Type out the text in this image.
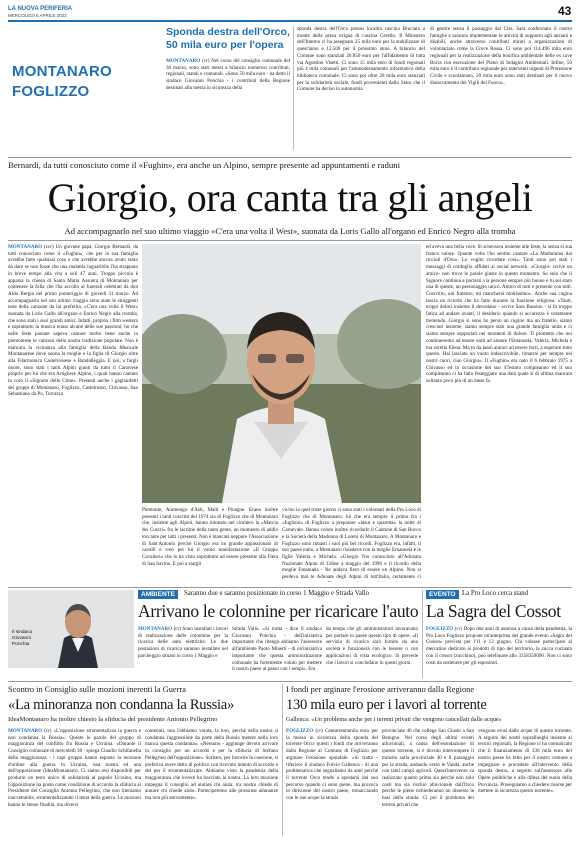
LA NUOVA PERIFERIA
MERCOLEDÌ 6 APRILE 2022	43
MONTANARO
FOGLIZZO
Sponda destra dell'Orco, 50 mila euro per l'opera
MONTANARO (cr) Nel corso del consiglio comunale del 30 marzo, sono stati messi a bilancio numerosi contributi, regionali, statali e comunali. «Sono 50 mila euro - ha detto il sindaco Giovanni Ponchia - i contributi della Regione destinati alla messa in sicurezza della
sponda destra dell'Orco presso località cascina Bruciata a monte della presa irrigua di cascina Cerello. Il Ministero dell'Interno ci ha assegnato 25 mila euro per la stabilizzare di quest'anno e 12.500 per il prossimo anno. A bilancio del Comune sono stanziati 26.850 euro per l'affidamento di tutta via Agostino Visetti. Ci sono 15 mila euro di fondi regionali più 4 mila comunali per l'ammodernamento informatico della biblioteca comunale. Ci sono poi oltre 20 mila euro stanziati per la solidarietà sociale, fondi provenienti dallo Stato che il Comune ha deciso in autonomia
di gestire senza il passaggio dal Ciss. Sarà confermato il centro famiglie e saranno implementate le attività di supporto agli anziani e disabili, anche attraverso contributi mirati a organizzazioni di volontariato come la Croce Rossa. Ci sono poi 114.496 mila euro regionali per la realizzazione della bonifica ambientale delle ex cave Borra con esecuzione del Piano di Indagini Ambientali. Infine, 50 mila euro è il contributo regionale per interventi urgenti di Protezione Civile e scuolamano, 20 mila euro sono stati destinati per il nuovo distaccamento dei Vigili del Fuoco».
Bernardi, da tutti conosciuto come il «Fughin», era anche un Alpino, sempre presente ad appuntamenti e raduni
Giorgio, ora canta tra gli angeli
Ad accompagnarlo nel suo ultimo viaggio «C'era una volta il West», suonata da Loris Gallo all'organo ed Enrico Negro alla tromba
MONTANARO (ccr) Un giovane papà, Giorgio Bernardi, da tutti conosciuto come il «Fughin», che per la sua famiglia avrebbe fatto qualsiasi cosa e che avrebbe ancora avuto tanto da dare se non fosse che una malattia inguaribile l'ha strappato in breve tempo alla vita a soli 47 anni. Troppo piccola è apparsa la chiesa di Santa Maria Assunta di Montanaro per contenere la folla che l'ha accolto ai funerali celebrati da don Aldo Bergia nel primo pomeriggio di giovedì 31 marzo. Ad accompagnarlo nel suo ultimo viaggio sono state le struggenti note della canzone da lui preferita, «C'era una volta il West» suonata da Loris Gallo all'organo e Enrico Negro alla tromba, che sono stati i suoi grandi amici. Infatti, proprio i film western e soprattutto la musica erano alcune delle sue passioni, ho che nelle feste passate sapeva cantare molto bene anche in piemontese le canzoni della nostra tradizione popolare. Non è mancata la vicinanza alla famiglia della Banda Musicale Montanarese dove suona la moglie e la figlia di Giorgio oltre alla Filarmonica Castelrossese e Bandalleggia. E poi, a fargli onore, sono stati i tanti Alpini giunti da tutto il Canavese proprio per lui che era Artigliere Alpino, i quali hanno cantato in coro il «Signore delle Cime». Presenti anche i gagliardetti dei gruppi di Montanaro, Foglizzo, Castelrosso, Chivasso, San Sebastiano da Po, Torrazza
Piemonte, Aramengo d'Asti, Malti e Pinagne. Erano inoltre presenti i tanti coscritti del 1974 sia di Foglizzo che di Montanaro che, insieme agli Alpini, hanno intonato nel cimitero la «Marcia dei Cuscri» fra le lacrime della tanta gente, un momento di addio toccante per tutti i presenti. Non è mancata neppure l'Associazione di Sant'Antonio perché Giorgio era un grande appassionato di cavalli e creò per lui il vuoto manifestazione «Il Gruppo Cavalieri» che lo ha visto soprattutto ad essere presente alla Fiera di San Savino. E poi a stargli
ed aveva una bella voce. Si scherzava insieme alle feste, la senza sì sua franco valore. Quante volte l'ho sentito cantare «La Madonnina dai riccioli d'Oro». Lo voglio ricordare così». Tanti sono poi stati i messaggi di cordoglio affidati ai social network. «Giorgio- scrive un amico- non trovo le parole giuste in questo momento. So solo che il Signore continua a portarsi via persone sempre più buone e tu sei stato una di queste, un personaggio unico. Amico di tutti e presente con tutti. Coscritto, uni fraterno, mi mancherai moltissimo». Anche sua cugina lascia un ricordo che ha fatto durante la funzione religiosa. «Tanti, troppi dolori insieme li devastano - scrive Sara Bassino - si fa troppo fatica ad andare avanti, il desiderio quando si accarezza è veramente tremendo. Giorgio si sono ho perso un cugino ma un fratello, siamo cresciuti insieme, siamo sempre stati una grande famiglia unita e ci siamo sempre supportati nei momenti di dolore. Ti prometto che noi continueremo ad essere uniti ad aiutare l'Emanuela, Valeria, Michela e tua sorella Elena. Ma tu da lassù aiutaci ad essere forti, a superare tutto questo. Hai lasciato un vuoto indescrivibile, rimarrai per sempre nei nostri cuori, ciao Giorgio». Il «Fughin» era nato il 6 febbraio 1975 a Chivasso ed in occasione del suo 47esimo compleanno ed il suo compleanno ci ha fatto festeggiare una data quale si di ultima mancata soltanto poco più di un mese fa.
vicino in quel triste giorno ci sono stati i volontari della Pro Loco di Foglizzo che di Montanaro, lui che era sempre il primo fra i «fuglizin» di Foglizzo a preparare «lasut e quaretta» la notte di Carnevale. Hanno voluto inoltre ricordarlo il Cantone di San Rocco e la Società della Madonna di Loreto di Montanaro. A Montanaro e Foglizzo sono rimasti i suoi più bei ricordi. Foglizzo era, infatti, il suo paese natio, a Montanaro risiedeva con la moglie Emanuela e le figlie Valeria e Michela. «Giorgio l'ho conosciuto all'Adunata Nazionale Alpini di Udine a maggio del 1996 e il ricordo della moglie Emanuela - Ne andava fiero di essere un Alpino. Non si perdeva mai le Adunate degli Alpini di tutt'Italia, certamente ci
AMBIENTE	Saranno due e saranno posizionate in corso 1 Maggio e Strada Vallo
Arrivano le colonnine per ricaricare l'auto
Il sindaco
Giovanni
Ponchia
MONTANARO (cr) Sono installati i lavori di realizzazione delle colonnine per la ricarica delle auto elettriche. Le due postazioni di ricarica saranno installate nel parcheggio situato in corso 1 Maggio e
Strada Vallo. «Si tratta - dice il sindaco Giovanni Ponchia - dell'iniziativa importante che ritengo abbiamo l'assessore all'ambiente Paolo Minetti - di un'iniziativa importante che questa amministrazione comunale ha fortemente voluto per mettere il nostro paese al passo con i tempi». Era
da tempo che gli amministratori lavoravano per portare in paese questo tipo di opere. «Il servizio di ricarica sarà fornito da una società e funzionerà con le tessere o con applicazioni di vista ecologico. Si prevede che i lavori si concludano in questi giorni.
EVENTO La Pro Loco cerca stand
La Sagra del Cossot
FOGLIZZO (cr) Dopo due anni di assenza a causa della pandemia, la Pro Loco Foglizzo propone un'anteprima del grande evento «Sagra del Cossot» prevista per l'11 e 12 giugno. Chi volesse partecipare al mercatino dedicato ai prodotti di tipo del territorio, la zucca cucinata con il cossot (zucchino), può telefonare allo 3358359090. Non ci sono costi da sostenere per gli espositori.
Scontro in Consiglio sulle mozioni inerenti la Guerra
«La minoranza non condanna la Russia»
IdeaMontanaro ha inoltre chiesto la sfiducia del presidente Antonio Pellegrino
MONTANARO (cr) «L'opposizione strumentalizza la guerra e non condanna la Russia». Queste le parole del gruppo di maggioranza del conflitto fra Russia e Ucraina. «Durante il Consiglio comunale di mercoledì 30 - spiega Claudio Schifanella della maggioranza - i capi gruppo hanno esposto la mozione d'ordine alla guerra in Ucraina, una nostra ed una dell'opposizione (IdeaMontanaro). Ci siamo resi disponibili per produrre un testo unico di solidarietà al popolo Ucraino, ma l'opposizione ha posto come condizione di accordo la sfiducia al Presidente del Consiglio Antonio Pellegrino, che non riteniamo inaccettabile, strumentalizzando il tema della guerra. Le mozioni hanno le stesse finalità, ma diversi
contenuti, non l'abbiamo votata, la loro, perché nella nostra si condanna l'aggressione da parte della Russia mentre nella loro manca questa condanna». «Nessuno - aggiunge devoto arrivare in consiglio per un accordo e per la sfiducia di Stefano Pellegrino dell'opposizione». Sorbato, per favorire la coesione, si preferiva avere detto di politico con ricevuto intento di accordo e del per il strumentalizzare. Abbiamo visto la pandemia della maggioranza che invece ha bocciato la nostra. La loro mozione impegna il consiglio ad aiutare chi aiuta, tra nostro chiede di aiutare chi chiede aiuto. Parteciperemo alle prossime adunanze ma non più attivamente».
I fondi per arginare l'erosione arriveranno dalla Regione
130 mila euro per i lavori al torrente
Gallenca: «Un problema anche per i terreni privati che vengono cancellati dalle acque»
FOGLIZZO (cr) Centotrentamila euro per la messa in sicurezza della sponda del torrente Orco: questi i fondi che arriveranno dalla Regione al Comune di Foglizzo per arginare l'erosione spondale. «Si tratta - riferisce il sindaco Fulvio Gallenca - di una problematica che segnaliamo da anni perché il torrente Orco tende a spostarsi dal suo percorso quando ci sono piene, ma provoca in direzione del nostro paese, minacciando con le sue acque la strada
provinciale 40 che collega San Giusto a San Benigno. Nel corso degli ultimi eventi alluvionali, a causa dell'esondazione di questo torrente, si è dovuto interrompere il transito sulla provinciale 40 e il passaggio per la strada, andando verso le Vauda, anche con tanti campi agricoli. Quest'intervento va realizzato quanto prima sia perché non solo costi ma sia rischio alluvionale dall'Orco perché le piene richiederanno un dissesto le basi della strada. Ci poi il problema dei terreni privati che
vengono erosi dalle acque di questo torrente. A seguito dei nostri sopralluoghi insieme ai tecnici regionali, la Regione ci ha comunicato che il finanziamento di 130 mila euro del nostro paese ha fatto per il nostro comune a impegnare e procedere all'intervento della sponda destra, a seguito sull'assessore alle Opere pubbliche e alla difesa del suolo della Provincia. Proseguiamo a chiedere risorse per mettere in sicurezza questo torrente».
